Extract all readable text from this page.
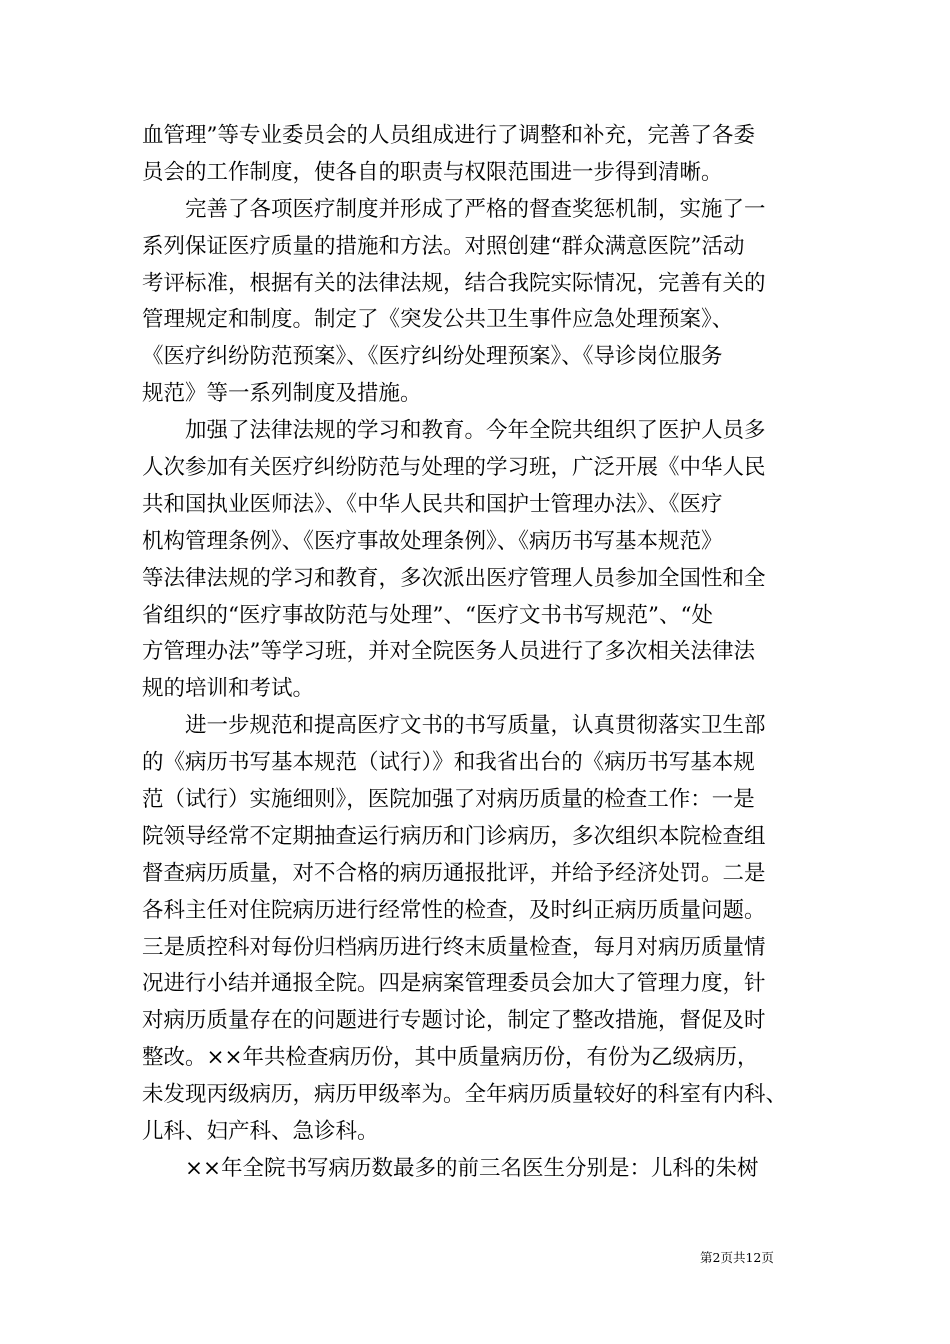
血管理”等专业委员会的人员组成进行了调整和补充，完善了各委
员会的工作制度，使各自的职责与权限范围进一步得到清晰。
　　完善了各项医疗制度并形成了严格的督查奖惩机制，实施了一
系列保证医疗质量的措施和方法。对照创建“群众满意医院”活动
考评标准，根据有关的法律法规，结合我院实际情况，完善有关的
管理规定和制度。制定了《突发公共卫生事件应急处理预案》、
《医疗纠纷防范预案》、《医疗纠纷处理预案》、《导诊岗位服务
规范》等一系列制度及措施。
　　加强了法律法规的学习和教育。今年全院共组织了医护人员多
人次参加有关医疗纠纷防范与处理的学习班，广泛开展《中华人民
共和国执业医师法》、《中华人民共和国护士管理办法》、《医疗
机构管理条例》、《医疗事故处理条例》、《病历书写基本规范》
等法律法规的学习和教育，多次派出医疗管理人员参加全国性和全
省组织的“医疗事故防范与处理”、“医疗文书书写规范”、“处
方管理办法”等学习班，并对全院医务人员进行了多次相关法律法
规的培训和考试。
　　进一步规范和提高医疗文书的书写质量，认真贯彻落实卫生部
的《病历书写基本规范（试行）》和我省出台的《病历书写基本规
范（试行）实施细则》，医院加强了对病历质量的检查工作：一是
院领导经常不定期抽查运行病历和门诊病历，多次组织本院检查组
督查病历质量，对不合格的病历通报批评，并给予经济处罚。二是
各科主任对住院病历进行经常性的检查，及时纠正病历质量问题。
三是质控科对每份归档病历进行终末质量检查，每月对病历质量情
况进行小结并通报全院。四是病案管理委员会加大了管理力度，针
对病历质量存在的问题进行专题讨论，制定了整改措施，督促及时
整改。××年共检查病历份，其中质量病历份，有份为乙级病历，
未发现丙级病历，病历甲级率为。全年病历质量较好的科室有内科、
儿科、妇产科、急诊科。
　　××年全院书写病历数最多的前三名医生分别是：儿科的朱树
第2页共12页
